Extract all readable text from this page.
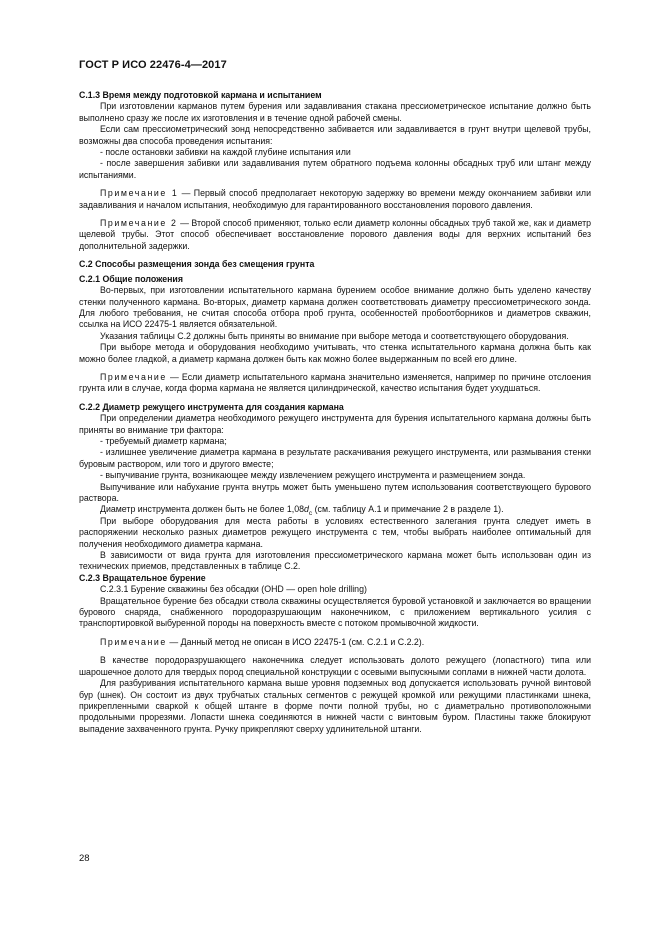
ГОСТ Р ИСО 22476-4—2017

С.1.3 Время между подготовкой кармана и испытанием

При изготовлении карманов путем бурения или задавливания стакана прессиометрическое испытание должно быть выполнено сразу же после их изготовления и в течение одной рабочей смены.

Если сам прессиометрический зонд непосредственно забивается или задавливается в грунт внутри щелевой трубы, возможны два способа проведения испытания:

- после остановки забивки на каждой глубине испытания или

- после завершения забивки или задавливания путем обратного подъема колонны обсадных труб или штанг между испытаниями.

Примечание 1 — Первый способ предполагает некоторую задержку во времени между окончанием забивки или задавливания и началом испытания, необходимую для гарантированного восстановления порового давления.

Примечание 2 — Второй способ применяют, только если диаметр колонны обсадных труб такой же, как и диаметр щелевой трубы. Этот способ обеспечивает восстановление порового давления воды для верхних испытаний без дополнительной задержки.

С.2 Способы размещения зонда без смещения грунта

С.2.1 Общие положения

Во-первых, при изготовлении испытательного кармана бурением особое внимание должно быть уделено качеству стенки полученного кармана. Во-вторых, диаметр кармана должен соответствовать диаметру прессиометрического зонда. Для любого требования, не считая способа отбора проб грунта, особенностей пробоотборников и диаметров скважин, ссылка на ИСО 22475-1 является обязательной.

Указания таблицы С.2 должны быть приняты во внимание при выборе метода и соответствующего оборудования.

При выборе метода и оборудования необходимо учитывать, что стенка испытательного кармана должна быть как можно более гладкой, а диаметр кармана должен быть как можно более выдержанным по всей его длине.

Примечание — Если диаметр испытательного кармана значительно изменяется, например по причине отслоения грунта или в случае, когда форма кармана не является цилиндрической, качество испытания будет ухудшаться.

С.2.2 Диаметр режущего инструмента для создания кармана

При определении диаметра необходимого режущего инструмента для бурения испытательного кармана должны быть приняты во внимание три фактора:

- требуемый диаметр кармана;

- излишнее увеличение диаметра кармана в результате раскачивания режущего инструмента, или размывания стенки буровым раствором, или того и другого вместе;

- выпучивание грунта, возникающее между извлечением режущего инструмента и размещением зонда.

Выпучивание или набухание грунта внутрь может быть уменьшено путем использования соответствующего бурового раствора.

Диаметр инструмента должен быть не более $1,08d_c$ (см. таблицу А.1 и примечание 2 в разделе 1).

При выборе оборудования для места работы в условиях естественного залегания грунта следует иметь в распоряжении несколько разных диаметров режущего инструмента с тем, чтобы выбрать наиболее оптимальный для получения необходимого диаметра кармана.

В зависимости от вида грунта для изготовления прессиометрического кармана может быть использован один из технических приемов, представленных в таблице С.2.

С.2.3 Вращательное бурение

С.2.3.1 Бурение скважины без обсадки (OHD — open hole drilling)

Вращательное бурение без обсадки ствола скважины осуществляется буровой установкой и заключается во вращении бурового снаряда, снабженного породоразрушающим наконечником, с приложением вертикального усилия с транспортировкой выбуренной породы на поверхность вместе с потоком промывочной жидкости.

Примечание — Данный метод не описан в ИСО 22475-1 (см. С.2.1 и С.2.2).

В качестве породоразрушающего наконечника следует использовать долото режущего (лопастного) типа или шарошечное долото для твердых пород специальной конструкции с осевыми выпускными соплами в нижней части долота.

Для разбуривания испытательного кармана выше уровня подземных вод допускается использовать ручной винтовой бур (шнек). Он состоит из двух трубчатых стальных сегментов с режущей кромкой или режущими пластинками шнека, прикрепленными сваркой к общей штанге в форме почти полной трубы, но с диаметрально противоположными продольными прорезями. Лопасти шнека соединяются в нижней части с винтовым буром. Пластины также блокируют выпадение захваченного грунта. Ручку прикрепляют сверху удлинительной штанги.

28
